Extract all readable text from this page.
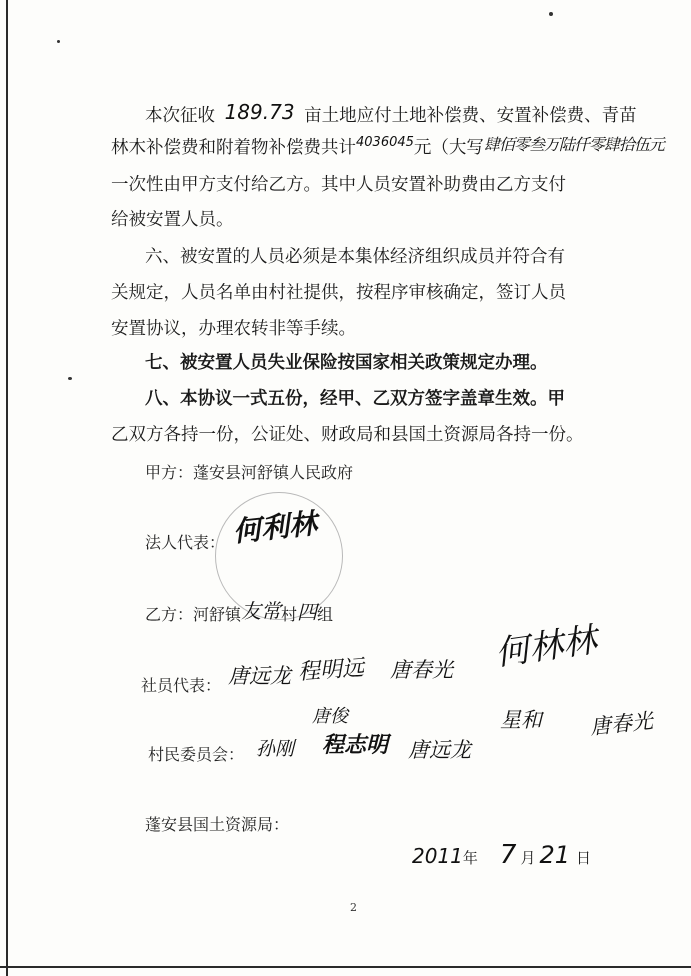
本次征收 189.73 亩土地应付土地补偿费、安置补偿费、青苗
林木补偿费和附着物补偿费共计$^{4036045}$元（大写肆佰零叁万陆仟零肆拾伍元
一次性由甲方支付给乙方。其中人员安置补助费由乙方支付
给被安置人员。
六、被安置的人员必须是本集体经济组织成员并符合有
关规定，人员名单由村社提供，按程序审核确定，签订人员
安置协议，办理农转非等手续。
七、被安置人员失业保险按国家相关政策规定办理。
八、本协议一式五份，经甲、乙双方签字盖章生效。甲
乙双方各持一份，公证处、财政局和县国土资源局各持一份。
甲方：蓬安县河舒镇人民政府
法人代表： 何利林
乙方：河舒镇友常村四组
社员代表： 唐远龙 程明远 唐春光 何林林
村民委员会：
唐俊
孙刚 程志明 唐远龙
星和 唐春光
蓬安县国土资源局：
2011年 7 月 21 日
2
